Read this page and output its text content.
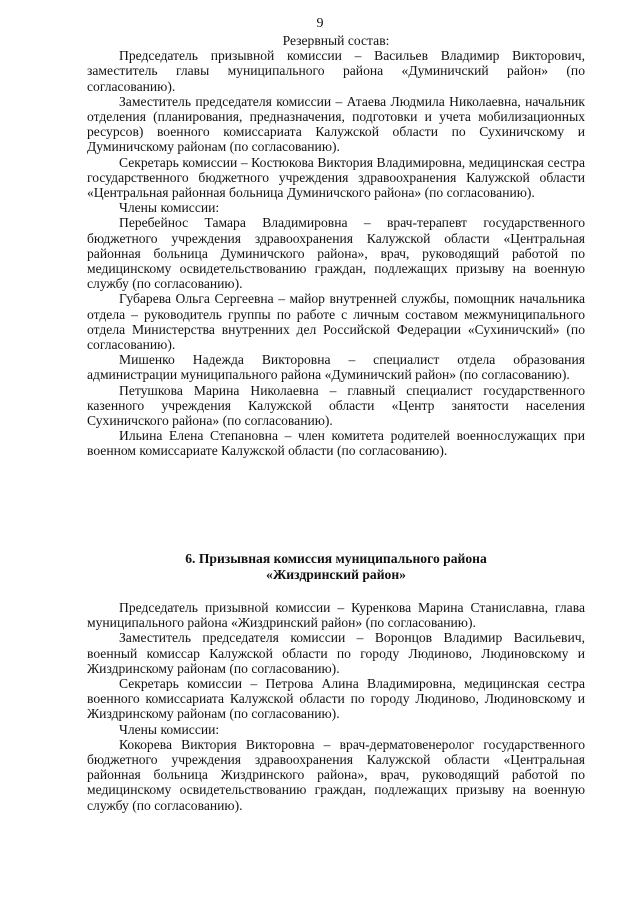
9

Резервный состав:

Председатель призывной комиссии – Васильев Владимир Викторович, заместитель главы муниципального района «Думиничский район» (по согласованию).

Заместитель председателя комиссии – Атаева Людмила Николаевна, начальник отделения (планирования, предназначения, подготовки и учета мобилизационных ресурсов) военного комиссариата Калужской области по Сухиничскому и Думиничскому районам (по согласованию).

Секретарь комиссии – Костюкова Виктория Владимировна, медицинская сестра государственного бюджетного учреждения здравоохранения Калужской области «Центральная районная больница Думиничского района» (по согласованию).

Члены комиссии:

Перебейнос Тамара Владимировна – врач-терапевт государственного бюджетного учреждения здравоохранения Калужской области «Центральная районная больница Думиничского района», врач, руководящий работой по медицинскому освидетельствованию граждан, подлежащих призыву на военную службу (по согласованию).

Губарева Ольга Сергеевна – майор внутренней службы, помощник начальника отдела – руководитель группы по работе с личным составом межмуниципального отдела Министерства внутренних дел Российской Федерации «Сухиничский» (по согласованию).

Мишенко Надежда Викторовна – специалист отдела образования администрации муниципального района «Думиничский район» (по согласованию).

Петушкова Марина Николаевна – главный специалист государственного казенного учреждения Калужской области «Центр занятости населения Сухиничского района» (по согласованию).

Ильина Елена Степановна – член комитета родителей военнослужащих при военном комиссариате Калужской области (по согласованию).

6. Призывная комиссия муниципального района
«Жиздринский район»

Председатель призывной комиссии – Куренкова Марина Станиславна, глава муниципального района «Жиздринский район» (по согласованию).

Заместитель председателя комиссии – Воронцов Владимир Васильевич, военный комиссар Калужской области по городу Людиново, Людиновскому и Жиздринскому районам (по согласованию).

Секретарь комиссии – Петрова Алина Владимировна, медицинская сестра военного комиссариата Калужской области по городу Людиново, Людиновскому и Жиздринскому районам (по согласованию).

Члены комиссии:

Кокорева Виктория Викторовна – врач-дерматовенеролог государственного бюджетного учреждения здравоохранения Калужской области «Центральная районная больница Жиздринского района», врач, руководящий работой по медицинскому освидетельствованию граждан, подлежащих призыву на военную службу (по согласованию).
